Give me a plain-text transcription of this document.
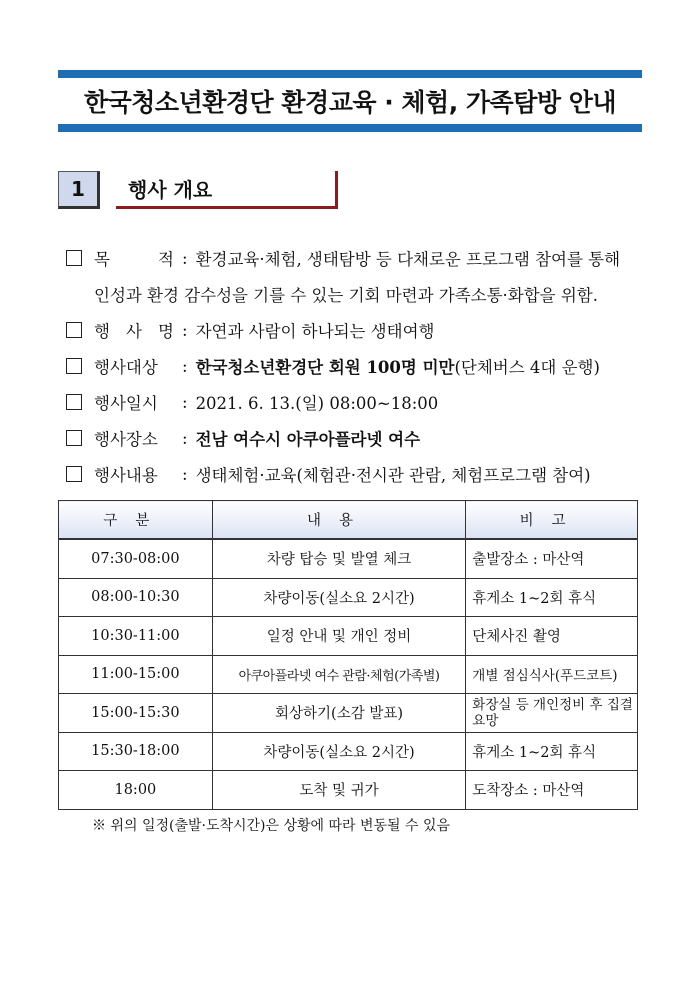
한국청소년환경단 환경교육 · 체험, 가족탐방 안내
1	행사 개요
목 적 : 환경교육·체험, 생태탐방 등 다채로운 프로그램 참여를 통해
인성과 환경 감수성을 기를 수 있는 기회 마련과 가족소통·화합을 위함.
행 사 명 : 자연과 사람이 하나되는 생태여행
행사대상	: 한국청소년환경단 회원 100명 미만 (단체버스 4대 운행)
행사일시	: 2021. 6. 13.(일) 08:00~18:00
행사장소	: 전남 여수시 아쿠아플라넷 여수
행사내용	: 생태체험·교육(체험관·전시관 관람, 체험프로그램 참여)
구분	내용	비고
07:30-08:00	차량 탑승 및 발열 체크	출발장소 : 마산역
08:00-10:30	차량이동(실소요 2시간)	휴게소 1~2회 휴식
10:30-11:00	일정 안내 및 개인 정비	단체사진 촬영
11:00-15:00	아쿠아플라넷 여수 관람·체험(가족별)	개별 점심식사(푸드코트)
15:00-15:30	회상하기(소감 발표)	화장실 등 개인정비 후 집결 요망
15:30-18:00	차량이동(실소요 2시간)	휴게소 1~2회 휴식
18:00	도착 및 귀가	도착장소 : 마산역
※ 위의 일정(출발·도착시간)은 상황에 따라 변동될 수 있음
